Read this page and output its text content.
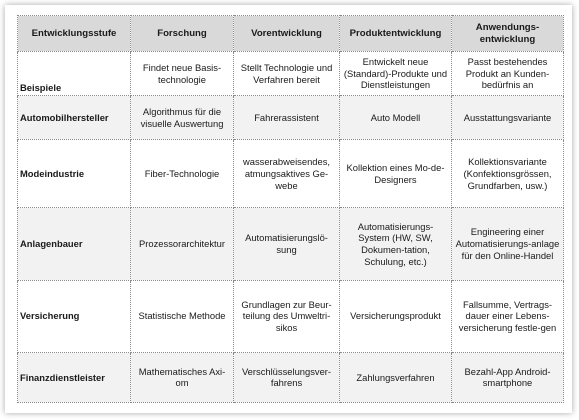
Entwicklungsstufe	Forschung	Vorentwicklung	Produktentwicklung	Anwendungs-entwicklung
Beispiele	Findet neue Basis-technologie	Stellt Technologie und Verfahren bereit	Entwickelt neue (Standard)-Produkte und Dienstleistungen	Passt bestehendes Produkt an Kunden-bedürfnis an
Automobilhersteller	Algorithmus für die visuelle Auswertung	Fahrerassistent	Auto Modell	Ausstattungsvariante
Modeindustrie	Fiber-Technologie	wasserabweisendes, atmungsaktives Ge-webe	Kollektion eines Mo-de-Designers	Kollektionsvariante (Konfektionsgrössen, Grundfarben, usw.)
Anlagenbauer	Prozessorarchitektur	Automatisierungslö-sung	Automatisierungs-System (HW, SW, Dokumen-tation, Schulung, etc.)	Engineering einer Automatisierungs-anlage für den Online-Handel
Versicherung	Statistische Methode	Grundlagen zur Beur-teilung des Umweltri-sikos	Versicherungsprodukt	Fallsumme, Vertrags-dauer einer Lebens-versicherung festle-gen
Finanzdienstleister	Mathematisches Axi-om	Verschlüsselungsver-fahrens	Zahlungsverfahren	Bezahl-App Android-smartphone
